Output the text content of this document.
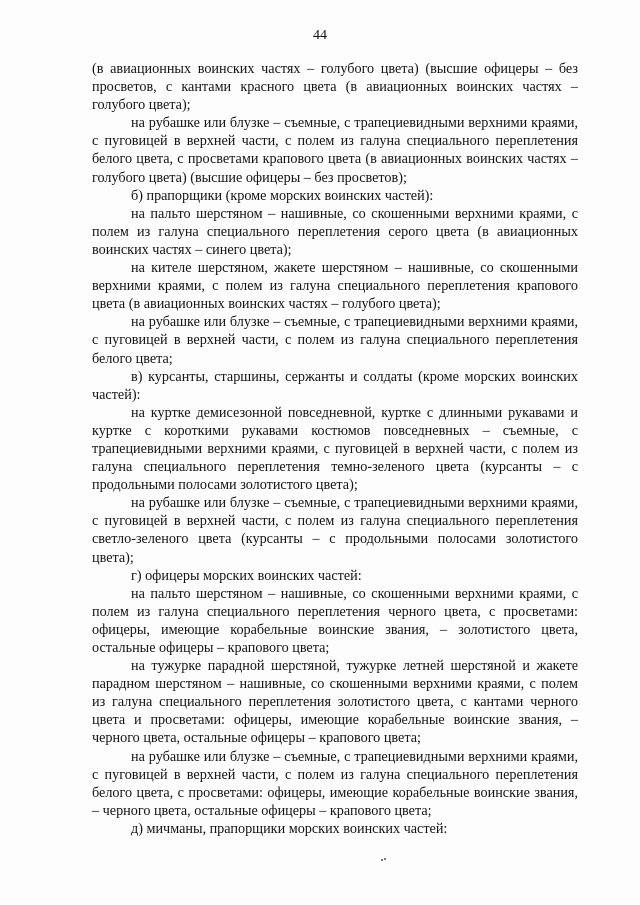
44

(в авиационных воинских частях – голубого цвета) (высшие офицеры – без просветов, с кантами красного цвета (в авиационных воинских частях – голубого цвета);

на рубашке или блузке – съемные, с трапециевидными верхними краями, с пуговицей в верхней части, с полем из галуна специального переплетения белого цвета, с просветами крапового цвета (в авиационных воинских частях – голубого цвета) (высшие офицеры – без просветов);

б) прапорщики (кроме морских воинских частей):

на пальто шерстяном – нашивные, со скошенными верхними краями, с полем из галуна специального переплетения серого цвета (в авиационных воинских частях – синего цвета);

на кителе шерстяном, жакете шерстяном – нашивные, со скошенными верхними краями, с полем из галуна специального переплетения крапового цвета (в авиационных воинских частях – голубого цвета);

на рубашке или блузке – съемные, с трапециевидными верхними краями, с пуговицей в верхней части, с полем из галуна специального переплетения белого цвета;

в) курсанты, старшины, сержанты и солдаты (кроме морских воинских частей):

на куртке демисезонной повседневной, куртке с длинными рукавами и куртке с короткими рукавами костюмов повседневных – съемные, с трапециевидными верхними краями, с пуговицей в верхней части, с полем из галуна специального переплетения темно-зеленого цвета (курсанты – с продольными полосами золотистого цвета);

на рубашке или блузке – съемные, с трапециевидными верхними краями, с пуговицей в верхней части, с полем из галуна специального переплетения светло-зеленого цвета (курсанты – с продольными полосами золотистого цвета);

г) офицеры морских воинских частей:

на пальто шерстяном – нашивные, со скошенными верхними краями, с полем из галуна специального переплетения черного цвета, с просветами: офицеры, имеющие корабельные воинские звания, – золотистого цвета, остальные офицеры – крапового цвета;

на тужурке парадной шерстяной, тужурке летней шерстяной и жакете парадном шерстяном – нашивные, со скошенными верхними краями, с полем из галуна специального переплетения золотистого цвета, с кантами черного цвета и просветами: офицеры, имеющие корабельные воинские звания, – черного цвета, остальные офицеры – крапового цвета;

на рубашке или блузке – съемные, с трапециевидными верхними краями, с пуговицей в верхней части, с полем из галуна специального переплетения белого цвета, с просветами: офицеры, имеющие корабельные воинские звания, – черного цвета, остальные офицеры – крапового цвета;

д) мичманы, прапорщики морских воинских частей:
